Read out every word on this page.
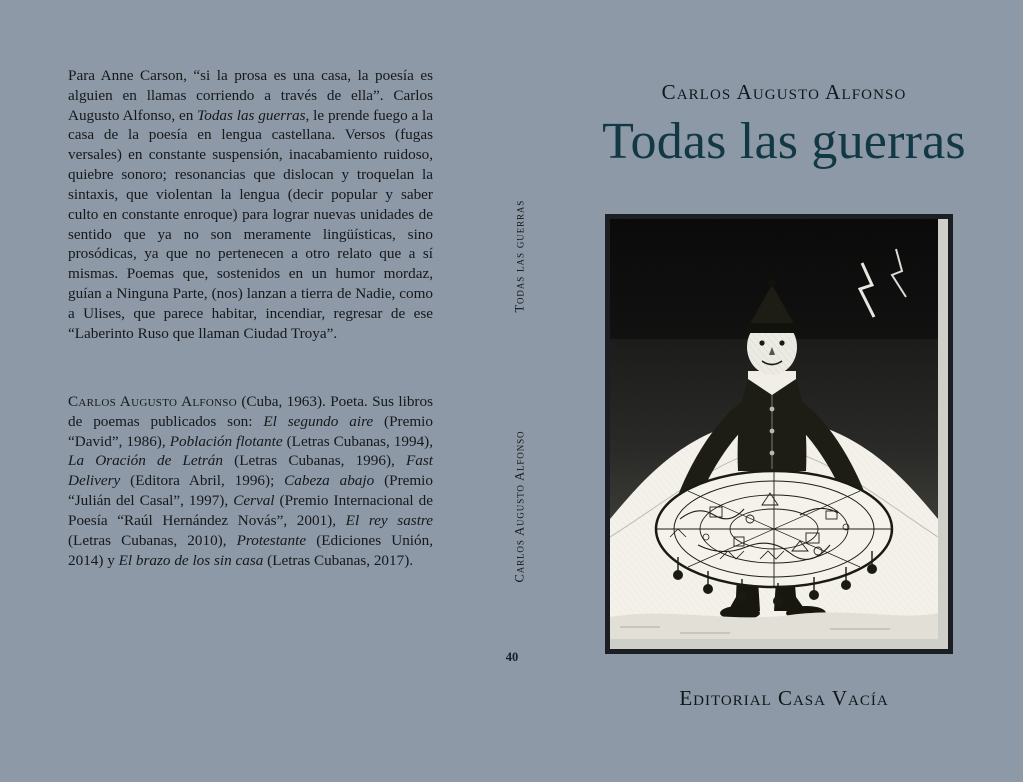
Para Anne Carson, “si la prosa es una casa, la poesía es alguien en llamas corriendo a través de ella”. Carlos Augusto Alfonso, en Todas las guerras, le prende fuego a la casa de la poesía en lengua castellana. Versos (fugas versales) en constante suspensión, inacabamiento ruidoso, quiebre sonoro; resonancias que dislocan y troquelan la sintaxis, que violentan la lengua (decir popular y saber culto en constante enroque) para lograr nuevas unidades de sentido que ya no son meramente lingüísticas, sino prosódicas, ya que no pertenecen a otro relato que a sí mismas. Poemas que, sostenidos en un humor mordaz, guían a Ninguna Parte, (nos) lanzan a tierra de Nadie, como a Ulises, que parece habitar, incendiar, regresar de ese “Laberinto Ruso que llaman Ciudad Troya”.
Carlos Augusto Alfonso (Cuba, 1963). Poeta. Sus libros de poemas publicados son: El segundo aire (Premio “David”, 1986), Población flotante (Letras Cubanas, 1994), La Oración de Letrán (Letras Cubanas, 1996), Fast Delivery (Editora Abril, 1996); Cabeza abajo (Premio “Julián del Casal”, 1997), Cerval (Premio Internacional de Poesía “Raúl Hernández Novás”, 2001), El rey sastre (Letras Cubanas, 2010), Protestante (Ediciones Unión, 2014) y El brazo de los sin casa (Letras Cubanas, 2017).
40
Todas las guerras
Carlos Augusto Alfonso
Carlos Augusto Alfonso
Todas las guerras
Editorial Casa Vacía
